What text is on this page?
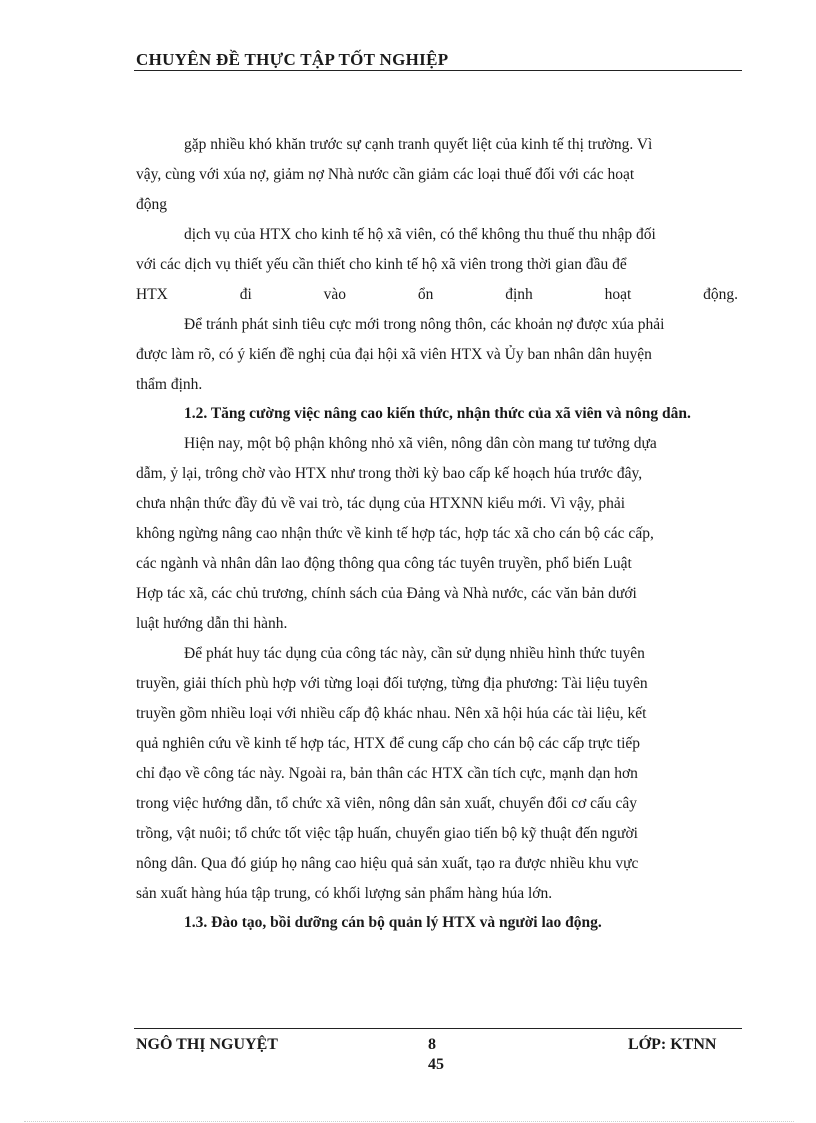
CHUYÊN ĐỀ THỰC TẬP TỐT NGHIỆP
gặp nhiều khó khăn trước sự cạnh tranh quyết liệt của kinh tế thị trường. Vì
vậy, cùng với xúa nợ, giảm nợ Nhà nước cần giảm các loại thuế đối với các hoạt
động
dịch vụ của HTX cho kinh tế hộ xã viên, có thể không thu thuế thu nhập đối
với các dịch vụ thiết yếu cần thiết cho kinh tế hộ xã viên trong thời gian đầu để
HTX	đi	vào	ổn	định	hoạt	động.
Để tránh phát sinh tiêu cực mới trong nông thôn, các khoản nợ được xúa phải
được làm rõ, có ý kiến đề nghị của đại hội xã viên HTX và Ủy ban nhân dân huyện
thẩm định.
1.2. Tăng cường việc nâng cao kiến thức, nhận thức của xã viên và nông dân.
Hiện nay, một bộ phận không nhỏ xã viên, nông dân còn mang tư tưởng dựa
dẫm, ỷ lại, trông chờ vào HTX như trong thời kỳ bao cấp kế hoạch húa trước đây,
chưa nhận thức đầy đủ về vai trò, tác dụng của HTXNN kiểu mới. Vì vậy, phải
không ngừng nâng cao nhận thức về kinh tế hợp tác, hợp tác xã cho cán bộ các cấp,
các ngành và nhân dân lao động thông qua công tác tuyên truyền, phổ biến Luật
Hợp tác xã, các chủ trương, chính sách của Đảng và Nhà nước, các văn bản dưới
luật hướng dẫn thi hành.
Để phát huy tác dụng của công tác này, cần sử dụng nhiều hình thức tuyên
truyền, giải thích phù hợp với từng loại đối tượng, từng địa phương: Tài liệu tuyên
truyền gồm nhiều loại với nhiều cấp độ khác nhau. Nên xã hội húa các tài liệu, kết
quả nghiên cứu về kinh tế hợp tác, HTX để cung cấp cho cán bộ các cấp trực tiếp
chỉ đạo về công tác này. Ngoài ra, bản thân các HTX cần tích cực, mạnh dạn hơn
trong việc hướng dẫn, tổ chức xã viên, nông dân sản xuất, chuyển đổi cơ cấu cây
trồng, vật nuôi; tổ chức tốt việc tập huấn, chuyển giao tiến bộ kỹ thuật đến người
nông dân. Qua đó giúp họ nâng cao hiệu quả sản xuất, tạo ra được nhiều khu vực
sản xuất hàng húa tập trung, có khối lượng sản phẩm hàng húa lớn.
1.3. Đào tạo, bồi dưỡng cán bộ quản lý HTX và người lao động.
NGÔ THỊ NGUYỆT	8
45
LỚP: KTNN
